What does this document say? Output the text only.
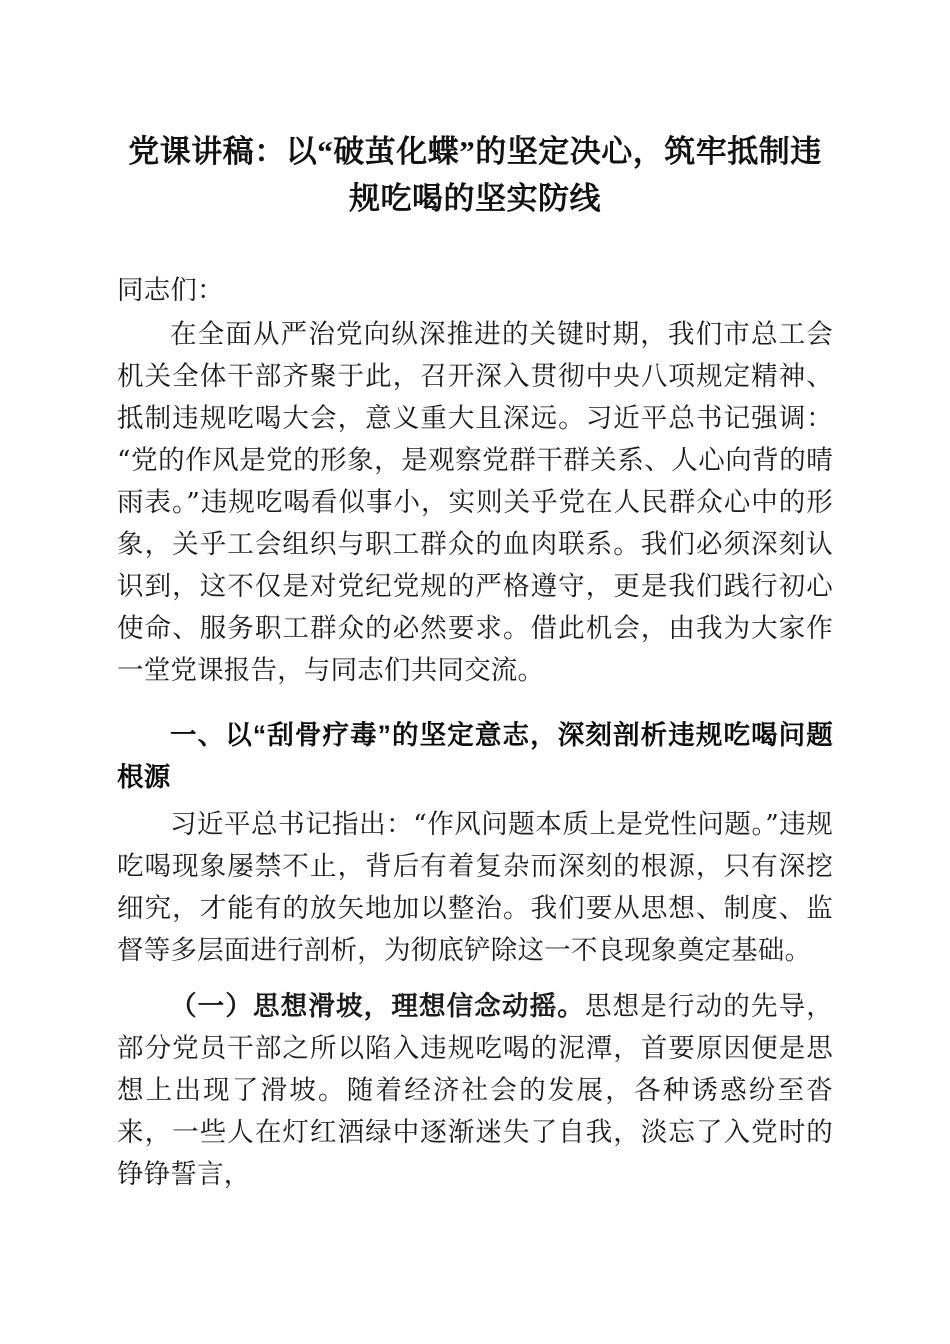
党课讲稿：以“破茧化蝶”的坚定决心，筑牢抵制违规吃喝的坚实防线

同志们：

在全面从严治党向纵深推进的关键时期，我们市总工会机关全体干部齐聚于此，召开深入贯彻中央八项规定精神、抵制违规吃喝大会，意义重大且深远。习近平总书记强调：“党的作风是党的形象，是观察党群干群关系、人心向背的晴雨表。”违规吃喝看似事小，实则关乎党在人民群众心中的形象，关乎工会组织与职工群众的血肉联系。我们必须深刻认识到，这不仅是对党纪党规的严格遵守，更是我们践行初心使命、服务职工群众的必然要求。借此机会，由我为大家作一堂党课报告，与同志们共同交流。

一、以“刮骨疗毒”的坚定意志，深刻剖析违规吃喝问题根源

习近平总书记指出：“作风问题本质上是党性问题。”违规吃喝现象屡禁不止，背后有着复杂而深刻的根源，只有深挖细究，才能有的放矢地加以整治。我们要从思想、制度、监督等多层面进行剖析，为彻底铲除这一不良现象奠定基础。

（一）思想滑坡，理想信念动摇。思想是行动的先导，部分党员干部之所以陷入违规吃喝的泥潭，首要原因便是思想上出现了滑坡。随着经济社会的发展，各种诱惑纷至沓来，一些人在灯红酒绿中逐渐迷失了自我，淡忘了入党时的铮铮誓言，
